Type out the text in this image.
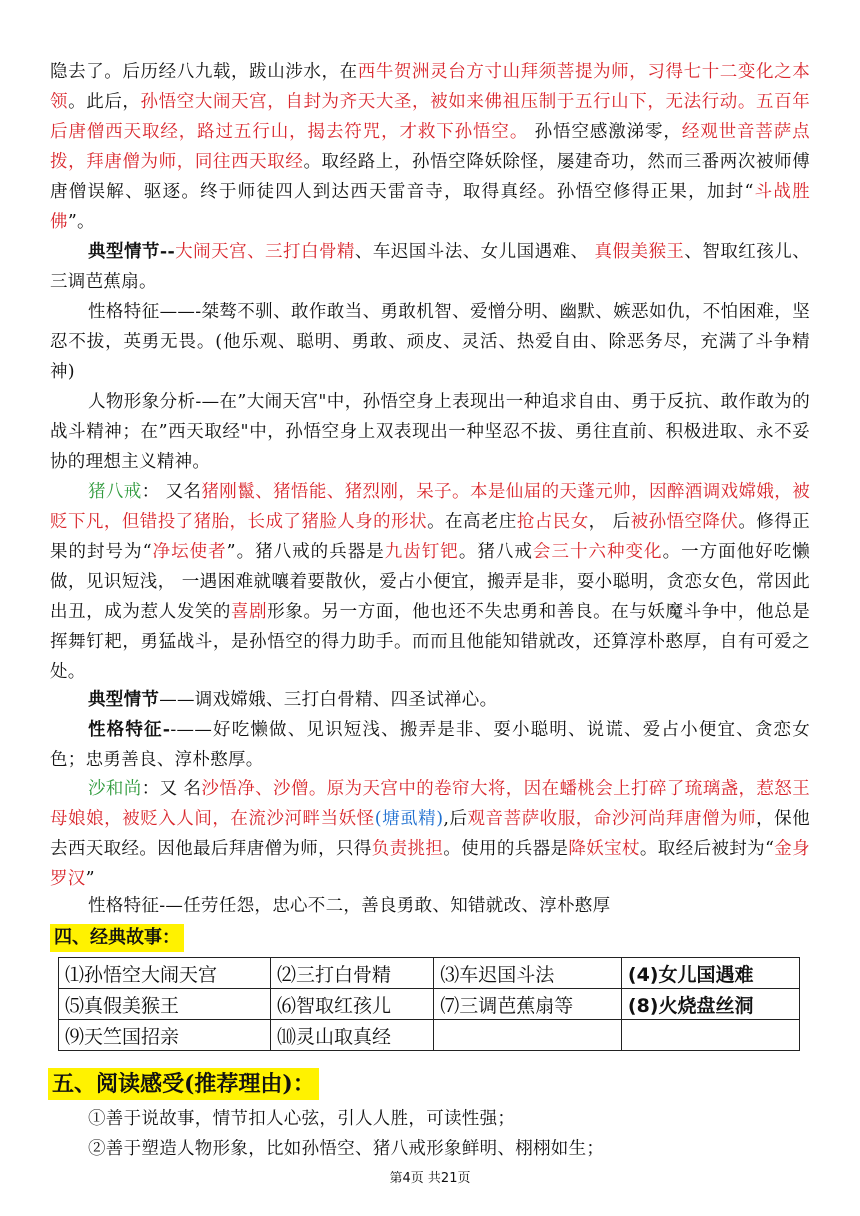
隐去了。后历经八九载，跋山涉水，在西牛贺洲灵台方寸山拜须菩提为师，习得七十二变化之本领。此后，孙悟空大闹天宫，自封为齐天大圣，被如来佛祖压制于五行山下，无法行动。五百年后唐僧西天取经，路过五行山，揭去符咒，才救下孙悟空。 孙悟空感激涕零，经观世音菩萨点拨，拜唐僧为师，同往西天取经。取经路上，孙悟空降妖除怪，屡建奇功，然而三番两次被师傅唐僧误解、驱逐。终于师徒四人到达西天雷音寺，取得真经。孙悟空修得正果，加封“斗战胜佛”。
典型情节--大闹天宫、三打白骨精、车迟国斗法、女儿国遇难、 真假美猴王、智取红孩儿、三调芭蕉扇。
性格特征——-桀骜不驯、敢作敢当、勇敢机智、爱憎分明、幽默、嫉恶如仇，不怕困难，坚忍不拔，英勇无畏。(他乐观、聪明、勇敢、顽皮、灵活、热爱自由、除恶务尽，充满了斗争精神)
人物形象分析-—在”大闹天宫"中，孙悟空身上表现出一种追求自由、勇于反抗、敢作敢为的战斗精神；在”西天取经"中，孙悟空身上双表现出一种坚忍不拔、勇往直前、积极进取、永不妥协的理想主义精神。
猪八戒： 又名猪刚鬣、猪悟能、猪烈刚，呆子。本是仙届的天蓬元帅，因醉酒调戏嫦娥，被贬下凡，但错投了猪胎，长成了猪脸人身的形状。在高老庄抢占民女， 后被孙悟空降伏。修得正果的封号为“净坛使者”。猪八戒的兵器是九齿钉钯。猪八戒会三十六种变化。一方面他好吃懒做，见识短浅， 一遇困难就嚷着要散伙，爱占小便宜，搬弄是非，耍小聪明，贪恋女色，常因此出丑，成为惹人发笑的喜剧形象。另一方面，他也还不失忠勇和善良。在与妖魔斗争中，他总是挥舞钉耙，勇猛战斗，是孙悟空的得力助手。而而且他能知错就改，还算淳朴憨厚，自有可爱之处。
典型情节——调戏嫦娥、三打白骨精、四圣试禅心。
性格特征--——好吃懒做、见识短浅、搬弄是非、耍小聪明、说谎、爱占小便宜、贪恋女色；忠勇善良、淳朴憨厚。
沙和尚：又 名沙悟净、沙僧。原为天宫中的卷帘大将，因在蟠桃会上打碎了琉璃盏，惹怒王母娘娘，被贬入人间，在流沙河畔当妖怪(塘虱精),后观音菩萨收服，命沙河尚拜唐僧为师，保他去西天取经。因他最后拜唐僧为师，只得负责挑担。使用的兵器是降妖宝杖。取经后被封为“金身罗汉”
性格特征-—任劳任怨，忠心不二，善良勇敢、知错就改、淳朴憨厚
四、经典故事：
⑴孙悟空大闹天宫	⑵三打白骨精	⑶车迟国斗法	(4)女儿国遇难
⑸真假美猴王	⑹智取红孩儿	⑺三调芭蕉扇等	(8)火烧盘丝洞
⑼天竺国招亲	⑽灵山取真经		
五、阅读感受(推荐理由)：
①善于说故事，情节扣人心弦，引人人胜，可读性强；
②善于塑造人物形象，比如孙悟空、猪八戒形象鲜明、栩栩如生；
第4页 共21页
